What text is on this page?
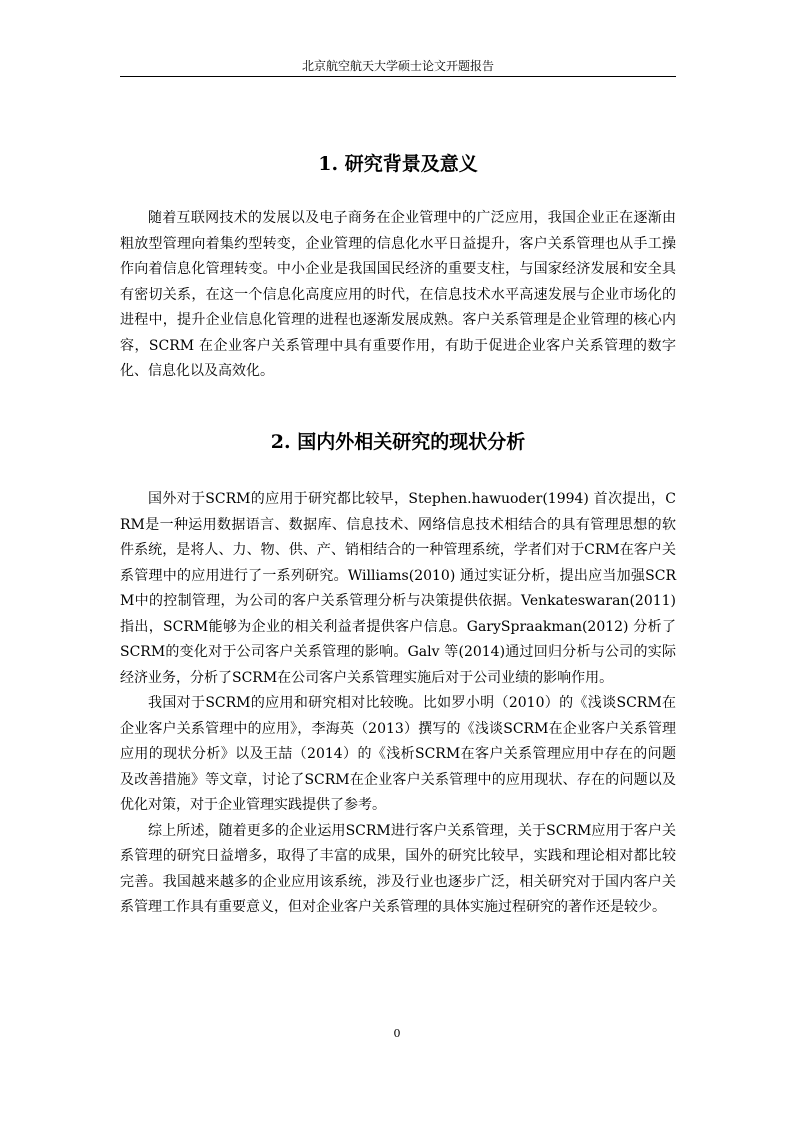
北京航空航天大学硕士论文开题报告
1. 研究背景及意义

随着互联网技术的发展以及电子商务在企业管理中的广泛应用，我国企业正在逐渐由粗放型管理向着集约型转变，企业管理的信息化水平日益提升，客户关系管理也从手工操作向着信息化管理转变。中小企业是我国国民经济的重要支柱，与国家经济发展和安全具有密切关系，在这一个信息化高度应用的时代，在信息技术水平高速发展与企业市场化的进程中，提升企业信息化管理的进程也逐渐发展成熟。客户关系管理是企业管理的核心内容，SCRM 在企业客户关系管理中具有重要作用，有助于促进企业客户关系管理的数字化、信息化以及高效化。

2. 国内外相关研究的现状分析

国外对于SCRM的应用于研究都比较早，Stephen.hawuoder(1994) 首次提出，CRM是一种运用数据语言、数据库、信息技术、网络信息技术相结合的具有管理思想的软件系统，是将人、力、物、供、产、销相结合的一种管理系统，学者们对于CRM在客户关系管理中的应用进行了一系列研究。Williams(2010) 通过实证分析，提出应当加强SCRM中的控制管理，为公司的客户关系管理分析与决策提供依据。Venkateswaran(2011) 指出，SCRM能够为企业的相关利益者提供客户信息。GarySpraakman(2012) 分析了SCRM的变化对于公司客户关系管理的影响。Galv 等(2014)通过回归分析与公司的实际经济业务，分析了SCRM在公司客户关系管理实施后对于公司业绩的影响作用。

我国对于SCRM的应用和研究相对比较晚。比如罗小明（2010）的《浅谈SCRM在企业客户关系管理中的应用》，李海英（2013）撰写的《浅谈SCRM在企业客户关系管理应用的现状分析》以及王喆（2014）的《浅析SCRM在客户关系管理应用中存在的问题及改善措施》等文章，讨论了SCRM在企业客户关系管理中的应用现状、存在的问题以及优化对策，对于企业管理实践提供了参考。

综上所述，随着更多的企业运用SCRM进行客户关系管理，关于SCRM应用于客户关系管理的研究日益增多，取得了丰富的成果，国外的研究比较早，实践和理论相对都比较完善。我国越来越多的企业应用该系统，涉及行业也逐步广泛，相关研究对于国内客户关系管理工作具有重要意义，但对企业客户关系管理的具体实施过程研究的著作还是较少。

0
